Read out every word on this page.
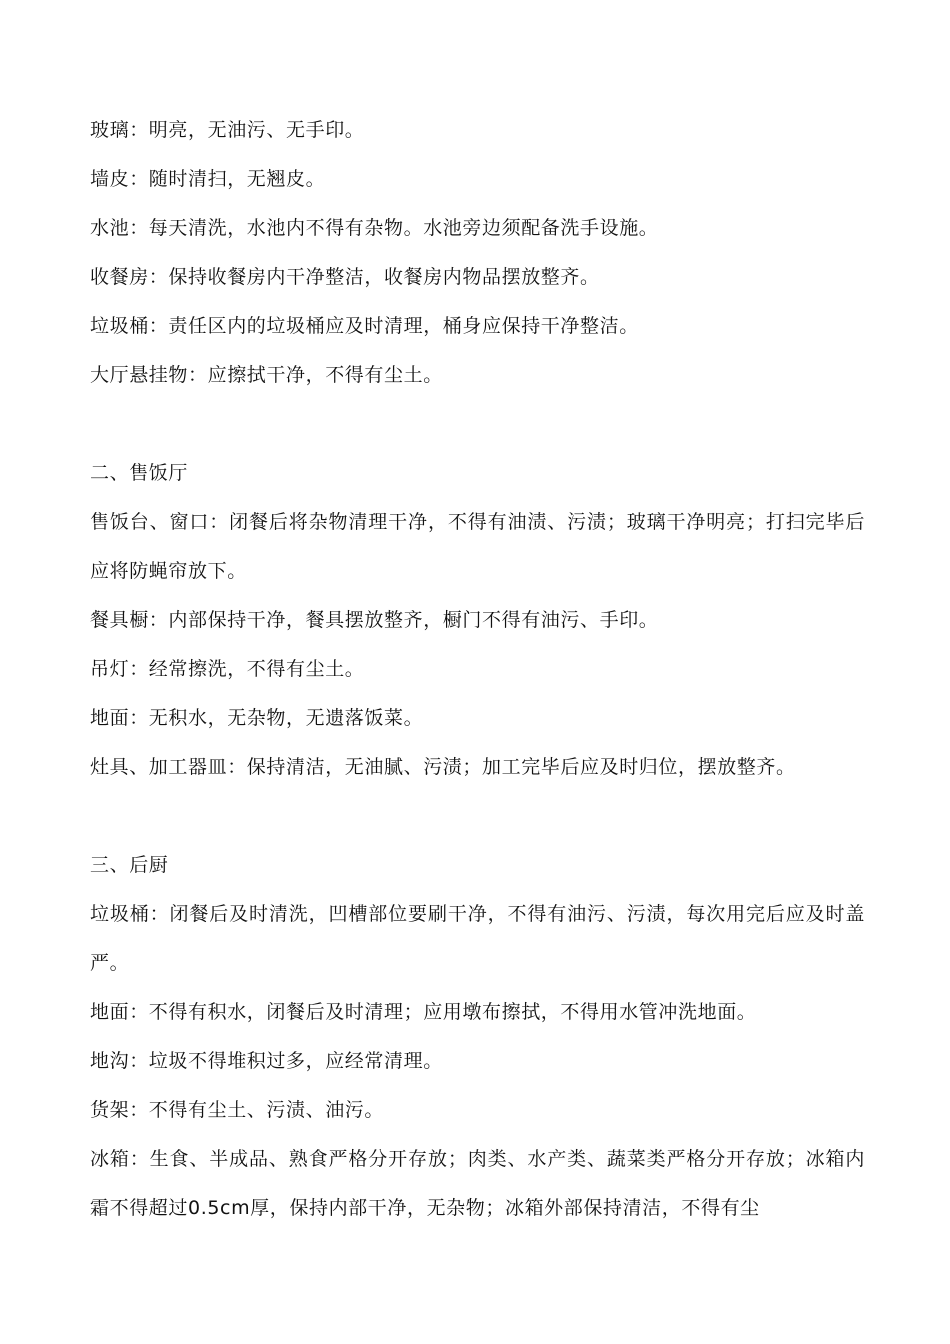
玻璃：明亮，无油污、无手印。
墙皮：随时清扫，无翘皮。
水池：每天清洗，水池内不得有杂物。水池旁边须配备洗手设施。
收餐房：保持收餐房内干净整洁，收餐房内物品摆放整齐。
垃圾桶：责任区内的垃圾桶应及时清理，桶身应保持干净整洁。
大厅悬挂物：应擦拭干净，不得有尘土。
二、售饭厅
售饭台、窗口：闭餐后将杂物清理干净，不得有油渍、污渍；玻璃干净明亮；打扫完毕后应将防蝇帘放下。
餐具橱：内部保持干净，餐具摆放整齐，橱门不得有油污、手印。
吊灯：经常擦洗，不得有尘土。
地面：无积水，无杂物，无遗落饭菜。
灶具、加工器皿：保持清洁，无油腻、污渍；加工完毕后应及时归位，摆放整齐。
三、后厨
垃圾桶：闭餐后及时清洗，凹槽部位要刷干净，不得有油污、污渍，每次用完后应及时盖严。
地面：不得有积水，闭餐后及时清理；应用墩布擦拭，不得用水管冲洗地面。
地沟：垃圾不得堆积过多，应经常清理。
货架：不得有尘土、污渍、油污。
冰箱：生食、半成品、熟食严格分开存放；肉类、水产类、蔬菜类严格分开存放；冰箱内霜不得超过0.5cm厚，保持内部干净，无杂物；冰箱外部保持清洁，不得有尘
